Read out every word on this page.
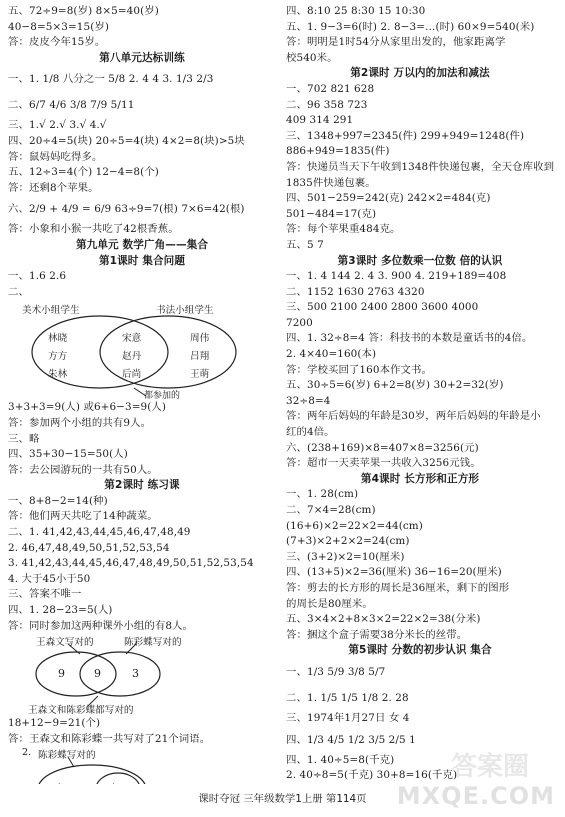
五、72÷9=8(岁) 8×5=40(岁)
40−8=5×3=15(岁)
答：皮皮今年15岁。
第八单元达标训练
一、1. 1/8 八分之一 5/8 2. 4 4 3. 1/3 2/3
二、6/7 4/6 3/8 7/9 5/11
三、1.√ 2.√ 3.√ 4.√
四、20÷4=5(块) 20÷5=4(块) 4×2=8(块)>5块
答：鼠妈妈吃得多。
五、12÷3=4(个) 12−4=8(个)
答：还剩8个苹果。
六、2/9 + 4/9 = 6/9 63÷9=7(根) 7×6=42(根)
答：小象和小猴一共吃了42根香蕉。
第九单元 数学广角——集合
第1课时 集合问题
一、1.6 2.6
二、
美术小组学生	书法小组学生
林晓
方方
朱林
宋意
赵丹
后尚
周伟
吕翔
王萌
都参加的
3+3+3=9(人) 或6+6−3=9(人)
答：参加两个小组的共有9人。
三、略
四、35+30−15=50(人)
答：去公园游玩的一共有50人。
第2课时 练习课
一、8+8−2=14(种)
答：他们两天共吃了14种蔬菜。
二、1. 41,42,43,44,45,46,47,48,49
2. 46,47,48,49,50,51,52,53,54
3. 41,42,43,44,45,46,47,48,49,50,51,52,53,54
4. 大于45小于50
三、答案不唯一
四、1. 28−23=5(人)
答：同时参加这两种课外小组的有8人。
王森文写对的	陈彩蝶写对的
9	9	3
王森文和陈彩蝶都写对的
18+12−9=21(个)
答：王森文和陈彩蝶一共写对了21个词语。
2. 陈彩蝶写对的
四、8:10 25 8:30 15 10:30
五、1. 9−3=6(时) 2. 8−3=…(时) 60×9=540(米)
答：明明是1时54分从家里出发的，他家距离学
校540米。
第2课时 万以内的加法和减法
一、702 821 628
二、96 358 723
409 314 291
三、1348+997=2345(件) 299+949=1248(件)
886+949=1835(件)
答：快递员当天下午收到1348件快递包裹，全天仓库收到
1835件快递包裹。
四、501−259=242(克) 242×2=484(克)
501−484=17(克)
答：每个苹果重484克。
五、5 7
第3课时 多位数乘一位数 倍的认识
一、1. 4 144 2. 4 3. 900 4. 219+189=408
二、1152 1630 2763 4320
三、500 2100 2400 2800 3600 4000
7200
四、1. 32÷8=4 答：科技书的本数是童话书的4倍。
2. 4×40=160(本)
答：学校买回了160本作文书。
五、30÷5=6(岁) 6+2=8(岁) 30+2=32(岁)
32÷8=4
答：两年后妈妈的年龄是30岁，两年后妈妈的年龄是小
红的4倍。
六、(238+169)×8=407×8=3256(元)
答：超市一天卖苹果一共收入3256元钱。
第4课时 长方形和正方形
一、1. 28(cm)
二、7×4=28(cm)
(16+6)×2=22×2=44(cm)
(7+3)×2+2×2=24(cm)
三、(3+2)×2=10(厘米)
四、(13+5)×2=36(厘米) 36−16=20(厘米)
答：剪去的长方形的周长是36厘米，剩下的图形
的周长是80厘米。
五、3×4×2+8×3×2=22×2=38(分米)
答：捆这个盒子需要38分米长的丝带。
第5课时 分数的初步认识 集合
一、1/3 5/9 3/8 5/7
二、1. 1/5 1/5 1/8 2. 28
三、1974年1月27日 女 4
四、1/3 4/5 1/2 3/5 2/5 1
四、1. 40÷5=8(千克)
2. 40÷8=5(千克) 30+8=16(千克)
课时夺冠 三年级数学1上册 第114页
答案圈
MXQE.COM
